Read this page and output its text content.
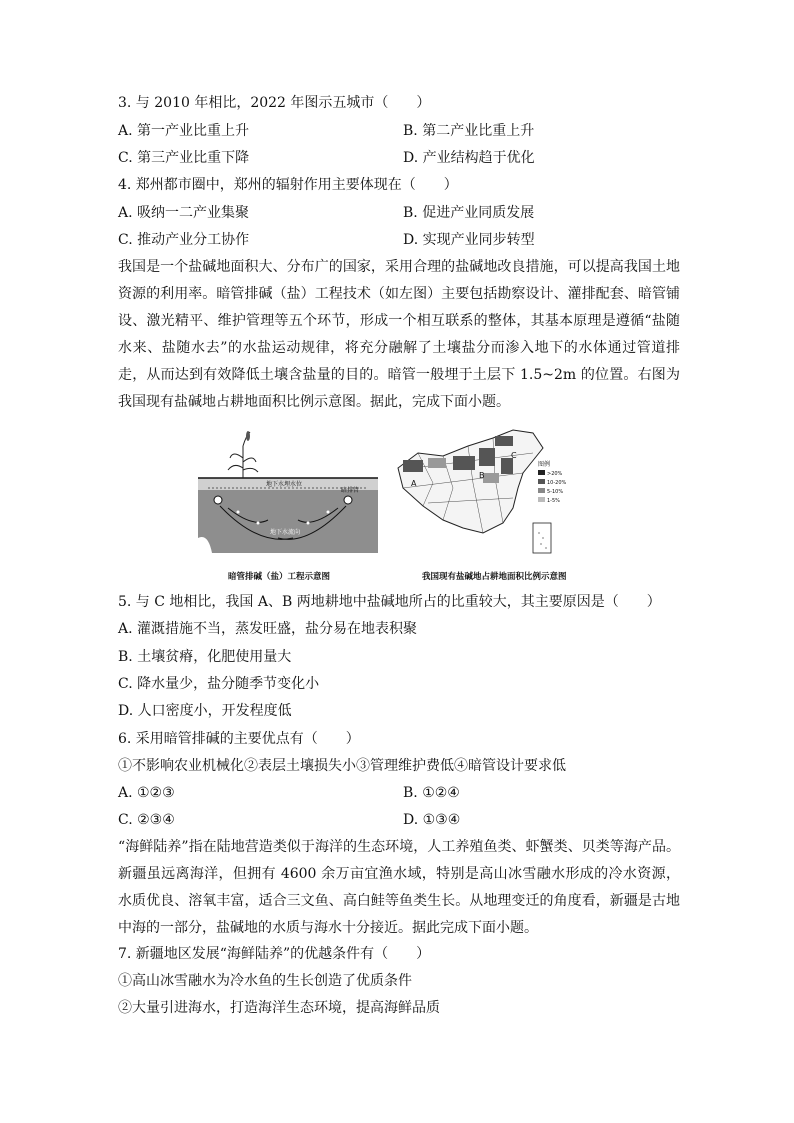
3. 与 2010 年相比，2022 年图示五城市（　　）
A. 第一产业比重上升	B. 第二产业比重上升
C. 第三产业比重下降	D. 产业结构趋于优化
4. 郑州都市圈中，郑州的辐射作用主要体现在（　　）
A. 吸纳一二产业集聚	B. 促进产业同质发展
C. 推动产业分工协作	D. 实现产业同步转型
我国是一个盐碱地面积大、分布广的国家，采用合理的盐碱地改良措施，可以提高我国土地资源的利用率。暗管排碱（盐）工程技术（如左图）主要包括勘察设计、灌排配套、暗管铺设、激光精平、维护管理等五个环节，形成一个相互联系的整体，其基本原理是遵循“盐随水来、盐随水去”的水盐运动规律，将充分融解了土壤盐分而渗入地下的水体通过管道排走，从而达到有效降低土壤含盐量的目的。暗管一般埋于土层下 1.5~2m 的位置。右图为我国现有盐碱地占耕地面积比例示意图。据此，完成下面小题。
地下水埋水位
暗排管
地下水流向
暗管排碱（盐）工程示意图
A
B
C
图例
>20%
10-20%
5-10%
1-5%
我国现有盐碱地占耕地面积比例示意图
5. 与 C 地相比，我国 A、B 两地耕地中盐碱地所占的比重较大，其主要原因是（　　）
A. 灌溉措施不当，蒸发旺盛，盐分易在地表积聚
B. 土壤贫瘠，化肥使用量大
C. 降水量少，盐分随季节变化小
D. 人口密度小，开发程度低
6. 采用暗管排碱的主要优点有（　　）
①不影响农业机械化②表层土壤损失小③管理维护费低④暗管设计要求低
A. ①②③	B. ①②④
C. ②③④	D. ①③④
“海鲜陆养”指在陆地营造类似于海洋的生态环境，人工养殖鱼类、虾蟹类、贝类等海产品。新疆虽远离海洋，但拥有 4600 余万亩宜渔水域，特别是高山冰雪融水形成的冷水资源，水质优良、溶氧丰富，适合三文鱼、高白鲑等鱼类生长。从地理变迁的角度看，新疆是古地中海的一部分，盐碱地的水质与海水十分接近。据此完成下面小题。
7. 新疆地区发展“海鲜陆养”的优越条件有（　　）
①高山冰雪融水为冷水鱼的生长创造了优质条件
②大量引进海水，打造海洋生态环境，提高海鲜品质
